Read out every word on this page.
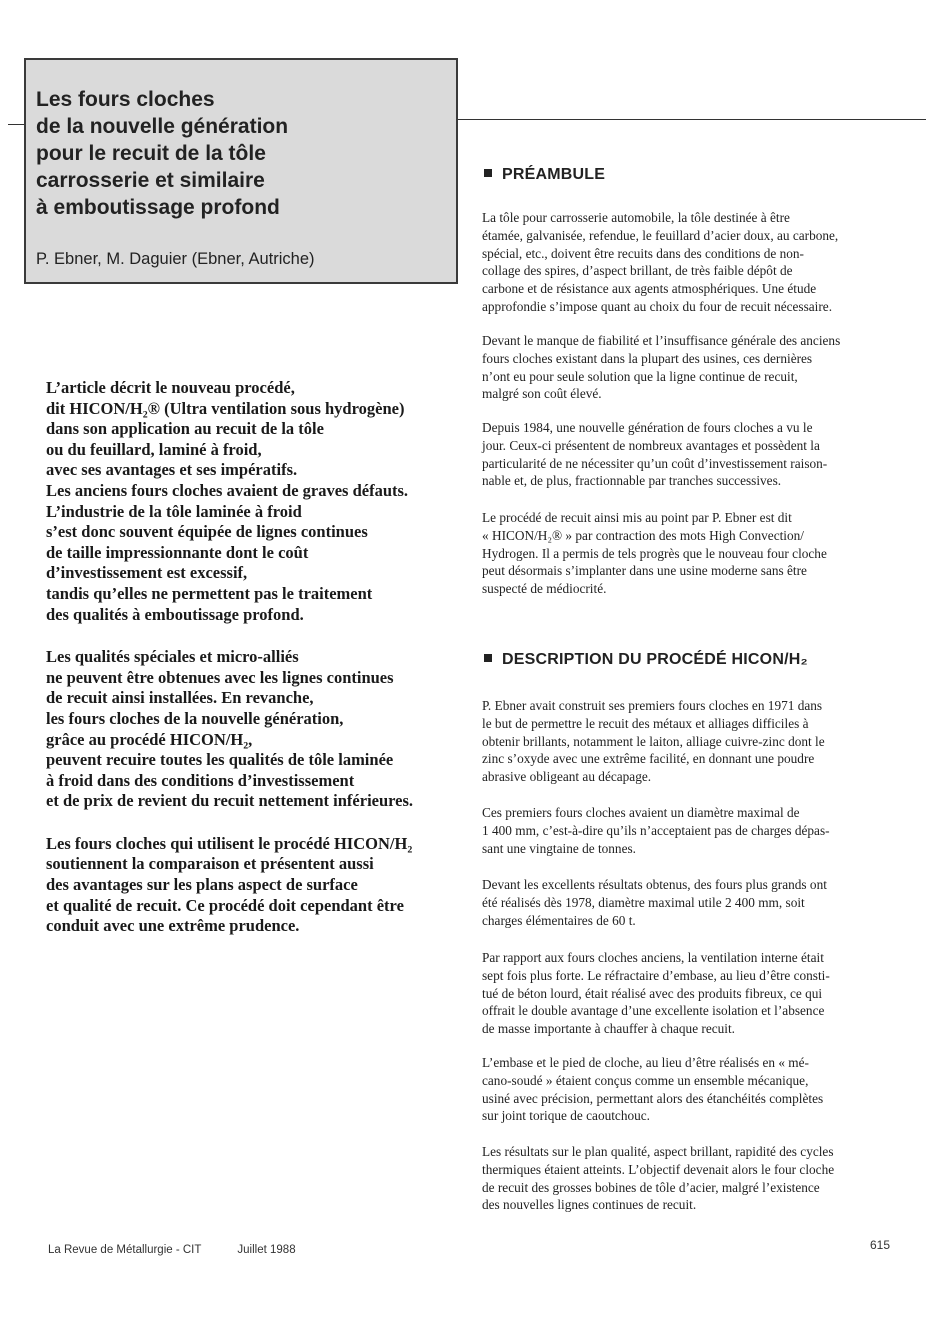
Les fours cloches
de la nouvelle génération
pour le recuit de la tôle
carrosserie et similaire
à emboutissage profond
P. Ebner, M. Daguier (Ebner, Autriche)

L’article décrit le nouveau procédé,
dit HICON/H₂® (Ultra ventilation sous hydrogène)
dans son application au recuit de la tôle
ou du feuillard, laminé à froid,
avec ses avantages et ses impératifs.
Les anciens fours cloches avaient de graves défauts.
L’industrie de la tôle laminée à froid
s’est donc souvent équipée de lignes continues
de taille impressionnante dont le coût
d’investissement est excessif,
tandis qu’elles ne permettent pas le traitement
des qualités à emboutissage profond.

Les qualités spéciales et micro-alliés
ne peuvent être obtenues avec les lignes continues
de recuit ainsi installées. En revanche,
les fours cloches de la nouvelle génération,
grâce au procédé HICON/H₂,
peuvent recuire toutes les qualités de tôle laminée
à froid dans des conditions d’investissement
et de prix de revient du recuit nettement inférieures.

Les fours cloches qui utilisent le procédé HICON/H₂
soutiennent la comparaison et présentent aussi
des avantages sur les plans aspect de surface
et qualité de recuit. Ce procédé doit cependant être
conduit avec une extrême prudence.

PRÉAMBULE

La tôle pour carrosserie automobile, la tôle destinée à être
étamée, galvanisée, refendue, le feuillard d’acier doux, au carbone,
spécial, etc., doivent être recuits dans des conditions de non-
collage des spires, d’aspect brillant, de très faible dépôt de
carbone et de résistance aux agents atmosphériques. Une étude
approfondie s’impose quant au choix du four de recuit nécessaire.

Devant le manque de fiabilité et l’insuffisance générale des anciens
fours cloches existant dans la plupart des usines, ces dernières
n’ont eu pour seule solution que la ligne continue de recuit,
malgré son coût élevé.

Depuis 1984, une nouvelle génération de fours cloches a vu le
jour. Ceux-ci présentent de nombreux avantages et possèdent la
particularité de ne nécessiter qu’un coût d’investissement raison-
nable et, de plus, fractionnable par tranches successives.

Le procédé de recuit ainsi mis au point par P. Ebner est dit
« HICON/H₂® » par contraction des mots High Convection/
Hydrogen. Il a permis de tels progrès que le nouveau four cloche
peut désormais s’implanter dans une usine moderne sans être
suspecté de médiocrité.

DESCRIPTION DU PROCÉDÉ HICON/H₂

P. Ebner avait construit ses premiers fours cloches en 1971 dans
le but de permettre le recuit des métaux et alliages difficiles à
obtenir brillants, notamment le laiton, alliage cuivre-zinc dont le
zinc s’oxyde avec une extrême facilité, en donnant une poudre
abrasive obligeant au décapage.

Ces premiers fours cloches avaient un diamètre maximal de
1 400 mm, c’est-à-dire qu’ils n’acceptaient pas de charges dépas-
sant une vingtaine de tonnes.

Devant les excellents résultats obtenus, des fours plus grands ont
été réalisés dès 1978, diamètre maximal utile 2 400 mm, soit
charges élémentaires de 60 t.

Par rapport aux fours cloches anciens, la ventilation interne était
sept fois plus forte. Le réfractaire d’embase, au lieu d’être consti-
tué de béton lourd, était réalisé avec des produits fibreux, ce qui
offrait le double avantage d’une excellente isolation et l’absence
de masse importante à chauffer à chaque recuit.

L’embase et le pied de cloche, au lieu d’être réalisés en « mé-
cano-soudé » étaient conçus comme un ensemble mécanique,
usiné avec précision, permettant alors des étanchéités complètes
sur joint torique de caoutchouc.

Les résultats sur le plan qualité, aspect brillant, rapidité des cycles
thermiques étaient atteints. L’objectif devenait alors le four cloche
de recuit des grosses bobines de tôle d’acier, malgré l’existence
des nouvelles lignes continues de recuit.

La Revue de Métallurgie - CIT	Juillet 1988	615
